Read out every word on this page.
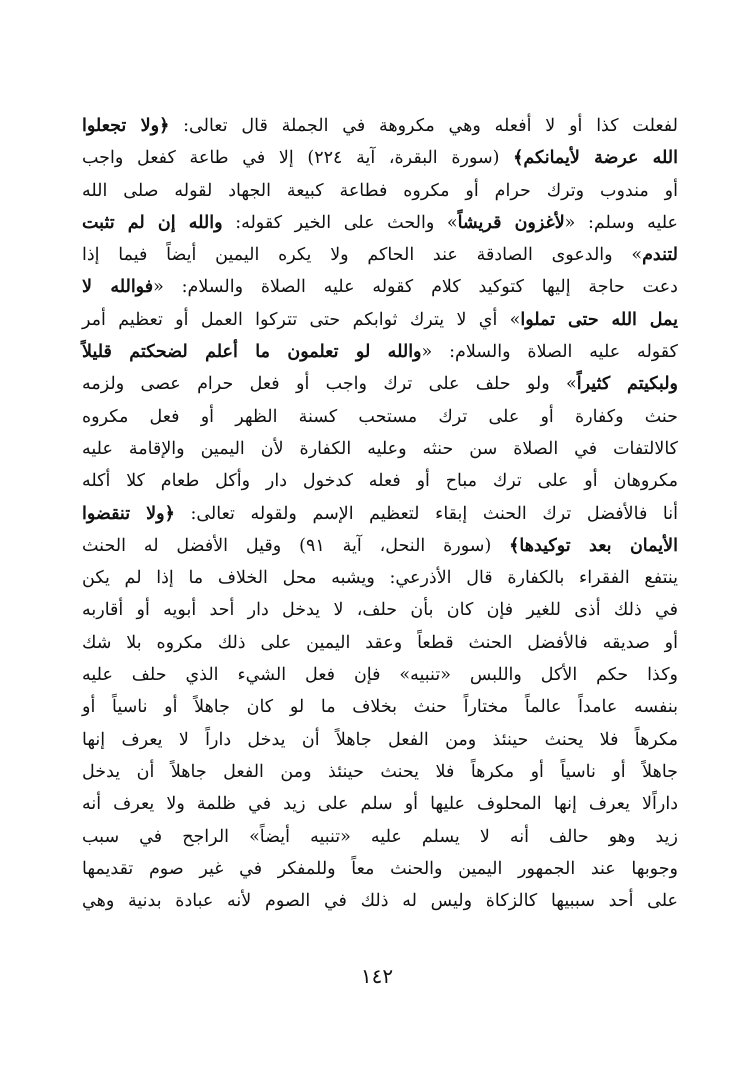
لفعلت كذا أو لا أفعله وهي مكروهة في الجملة قال تعالى: ﴿ولا تجعلوا
الله عرضة لأيمانكم﴾ (سورة البقرة، آية ٢٢٤) إلا في طاعة كفعل واجب
أو مندوب وترك حرام أو مكروه فطاعة كبيعة الجهاد لقوله صلى الله
عليه وسلم: «لأغزون قريشاً» والحث على الخير كقوله: والله إن لم تثبت
لتندم» والدعوى الصادقة عند الحاكم ولا يكره اليمين أيضاً فيما إذا
دعت حاجة إليها كتوكيد كلام كقوله عليه الصلاة والسلام: «فوالله لا
يمل الله حتى تملوا» أي لا يترك ثوابكم حتى تتركوا العمل أو تعظيم أمر
كقوله عليه الصلاة والسلام: «والله لو تعلمون ما أعلم لضحكتم قليلاً
ولبكيتم كثيراً» ولو حلف على ترك واجب أو فعل حرام عصى ولزمه
حنث وكفارة أو على ترك مستحب كسنة الظهر أو فعل مكروه
كالالتفات في الصلاة سن حنثه وعليه الكفارة لأن اليمين والإقامة عليه
مكروهان أو على ترك مباح أو فعله كدخول دار وأكل طعام كلا أكله
أنا فالأفضل ترك الحنث إبقاء لتعظيم الإسم ولقوله تعالى: ﴿ولا تنقضوا
الأيمان بعد توكيدها﴾ (سورة النحل، آية ٩١) وقيل الأفضل له الحنث
ينتفع الفقراء بالكفارة قال الأذرعي: ويشبه محل الخلاف ما إذا لم يكن
في ذلك أذى للغير فإن كان بأن حلف، لا يدخل دار أحد أبويه أو أقاربه
أو صديقه فالأفضل الحنث قطعاً وعقد اليمين على ذلك مكروه بلا شك
وكذا حكم الأكل واللبس «تنبيه» فإن فعل الشيء الذي حلف عليه
بنفسه عامداً عالماً مختاراً حنث بخلاف ما لو كان جاهلاً أو ناسياً أو
مكرهاً فلا يحنث حينئذ ومن الفعل جاهلاً أن يدخل داراً لا يعرف إنها
جاهلاً أو ناسياً أو مكرهاً فلا يحنث حينئذ ومن الفعل جاهلاً أن يدخل
داراًلا يعرف إنها المحلوف عليها أو سلم على زيد في ظلمة ولا يعرف أنه
زيد وهو حالف أنه لا يسلم عليه «تنبيه أيضاً» الراجح في سبب
وجوبها عند الجمهور اليمين والحنث معاً وللمفكر في غير صوم تقديمها
على أحد سببيها كالزكاة وليس له ذلك في الصوم لأنه عبادة بدنية وهي
١٤٢
